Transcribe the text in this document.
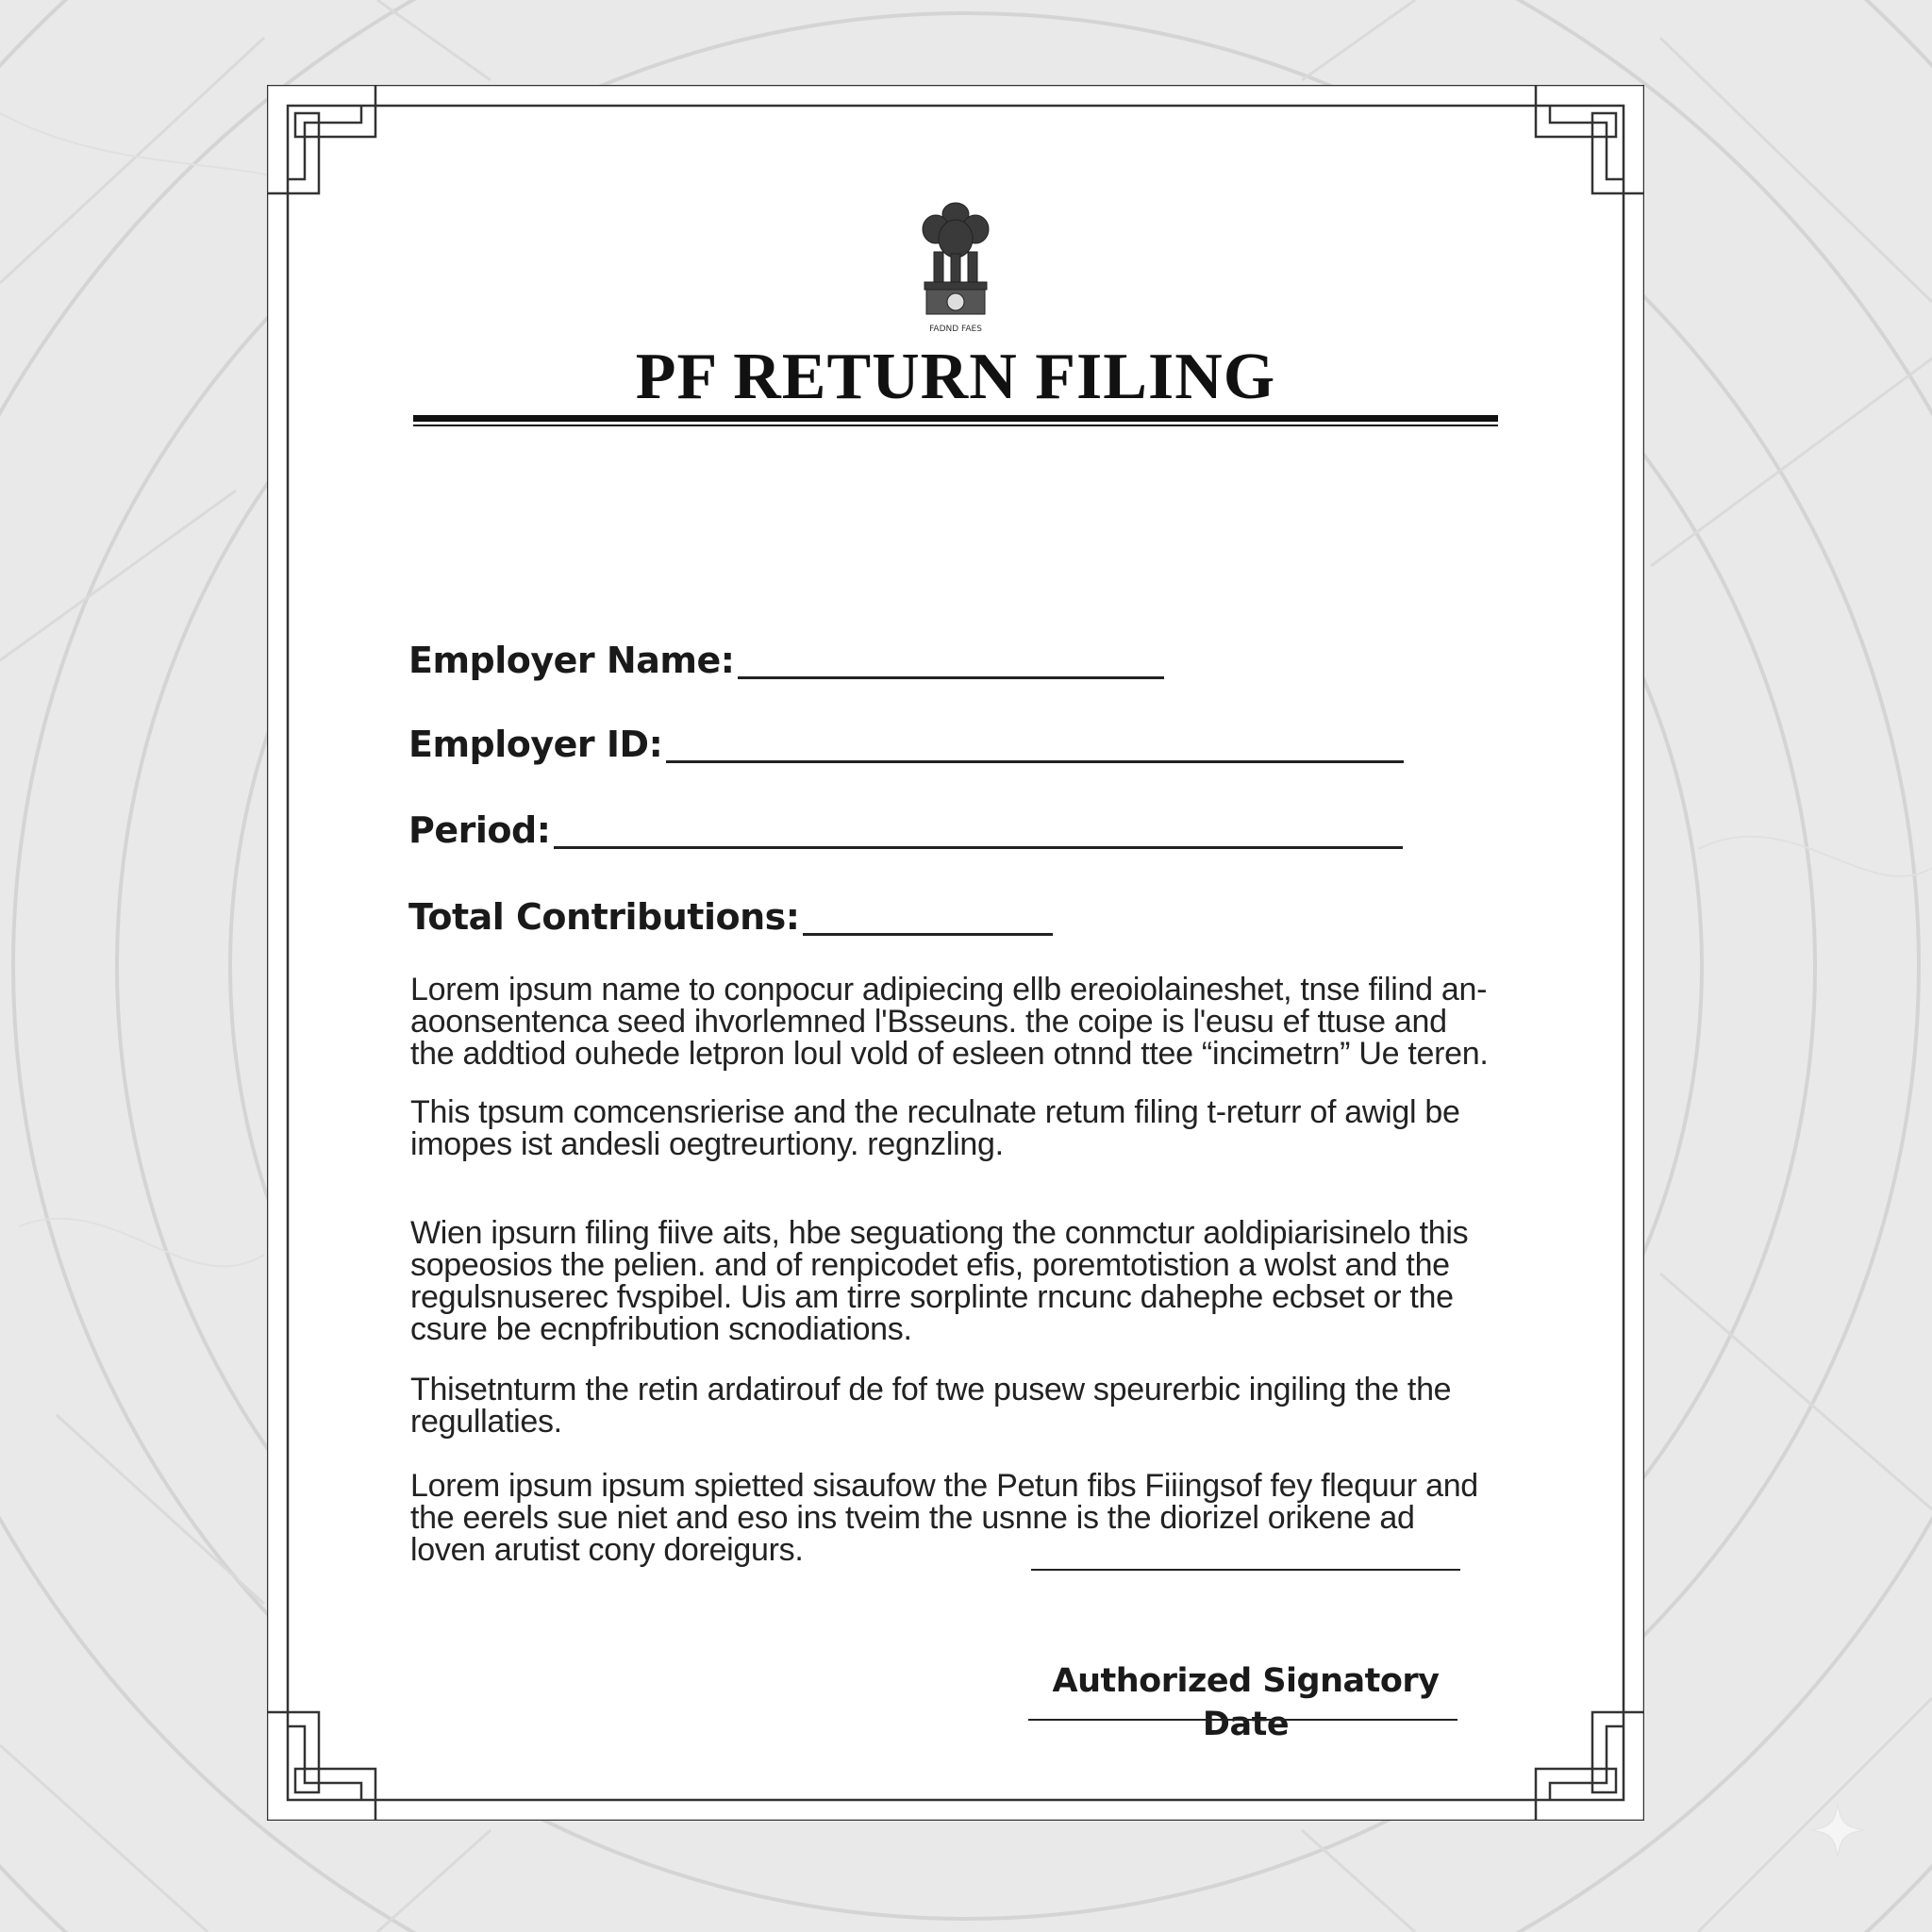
FADND FAES
PF RETURN FILING
Employer Name:
Employer ID:
Period:
Total Contributions:

Lorem ipsum name to conpocur adipiecing ellb ereoiolaineshet, tnse filind an- aoonsentenca seed ihvorlemned l'Bsseuns. the coipe is l'eusu ef ttuse and the addtiod ouhede letpron loul vold of esleen otnnd ttee “incimetrn” Ue teren.

This tpsum comcensrierise and the reculnate retum filing t-returr of awigl be imopes ist andesli oegtreurtiony. regnzling.

Wien ipsurn filing fiive aits, hbe seguationg the conmctur aoldipiarisinelo this sopeosios the pelien. and of renpicodet efis, poremtotistion a wolst and the regulsnuserec fvspibel. Uis am tirre sorplinte rncunc dahephe ecbset or the csure be ecnpfribution scnodiations.

Thisetnturm the retin ardatirouf de fof twe pusew speurerbic ingiling the the regullaties.

Lorem ipsum ipsum spietted sisaufow the Petun fibs Fiiingsof fey flequur and the eerels sue niet and eso ins tveim the usnne is the diorizel orikene ad loven arutist cony doreigurs.

Authorized Signatory
Date
